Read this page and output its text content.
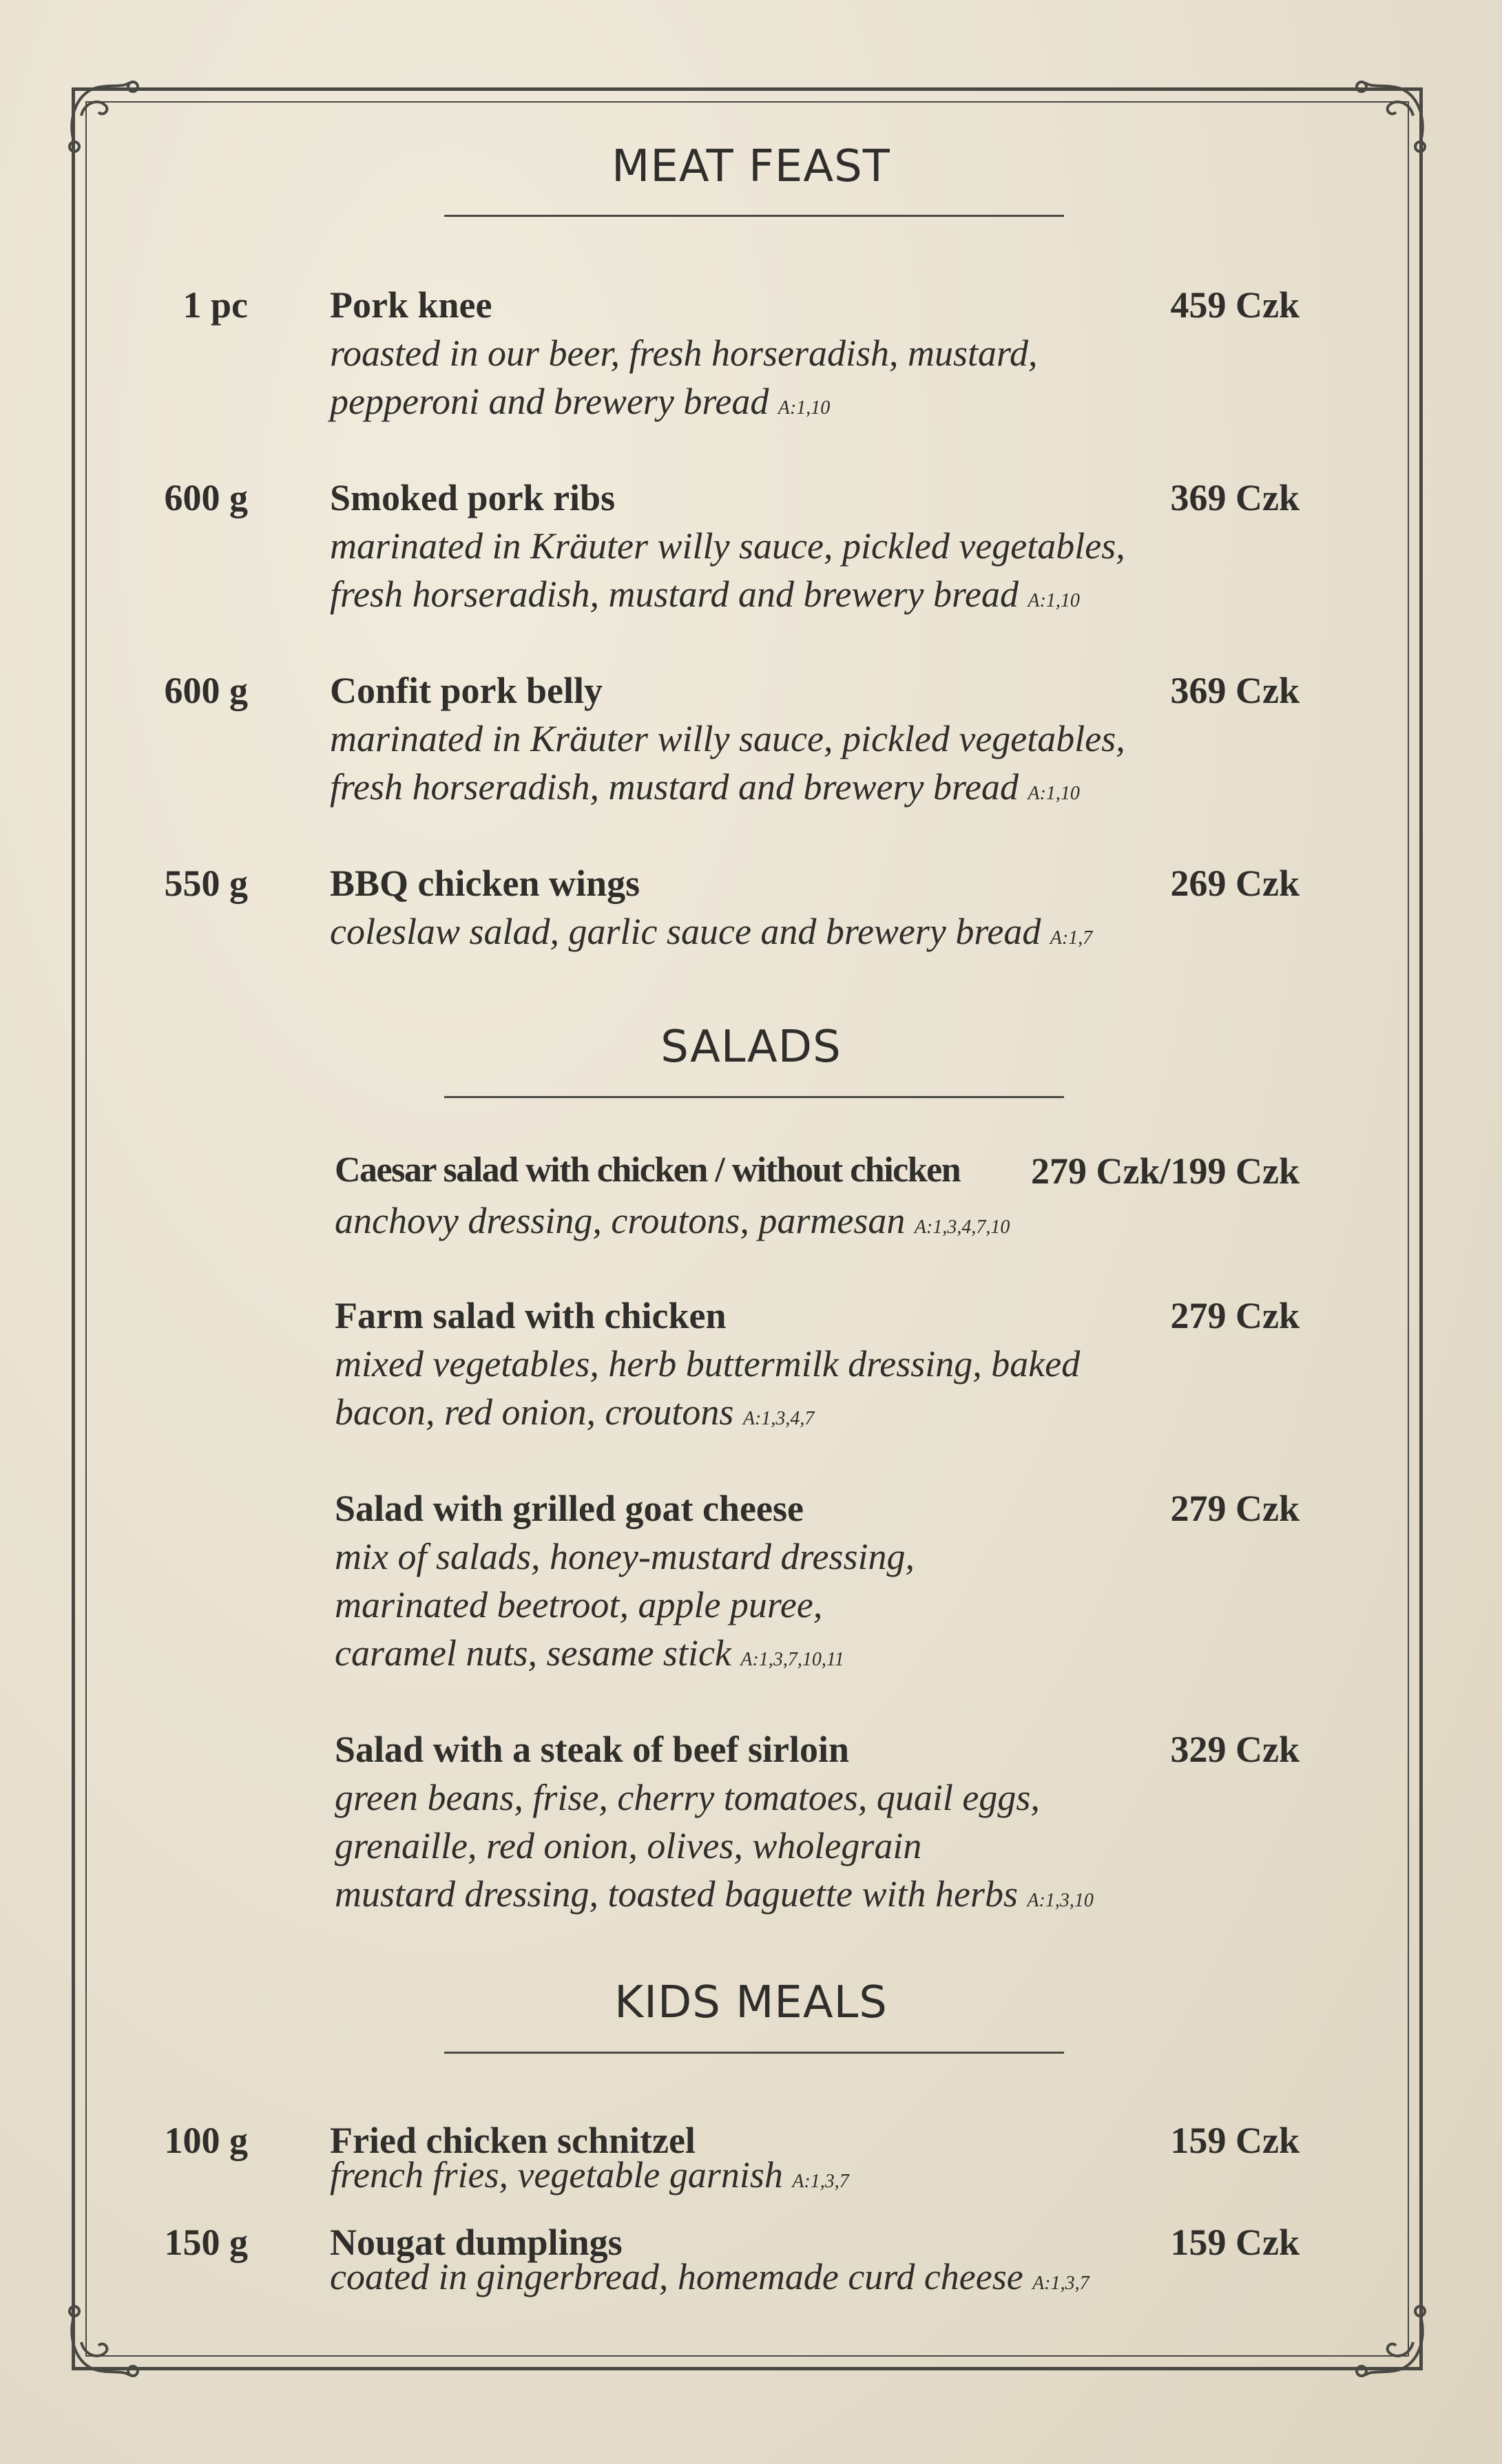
MEAT FEAST
1 pc Pork knee	459 Czk
roasted in our beer, fresh horseradish, mustard,
pepperoni and brewery bread A:1,10
600 g Smoked pork ribs	369 Czk
marinated in Kräuter willy sauce, pickled vegetables,
fresh horseradish, mustard and brewery bread A:1,10
600 g Confit pork belly	369 Czk
marinated in Kräuter willy sauce, pickled vegetables,
fresh horseradish, mustard and brewery bread A:1,10
550 g BBQ chicken wings	269 Czk
coleslaw salad, garlic sauce and brewery bread A:1,7
SALADS
Caesar salad with chicken / without chicken 279 Czk/199 Czk
anchovy dressing, croutons, parmesan A:1,3,4,7,10
Farm salad with chicken	279 Czk
mixed vegetables, herb buttermilk dressing, baked
bacon, red onion, croutons A:1,3,4,7
Salad with grilled goat cheese	279 Czk
mix of salads, honey-mustard dressing,
marinated beetroot, apple puree,
caramel nuts, sesame stick A:1,3,7,10,11
Salad with a steak of beef sirloin	329 Czk
green beans, frise, cherry tomatoes, quail eggs,
grenaille, red onion, olives, wholegrain
mustard dressing, toasted baguette with herbs A:1,3,10
KIDS MEALS
100 g Fried chicken schnitzel	159 Czk
french fries, vegetable garnish A:1,3,7
150 g Nougat dumplings	159 Czk
coated in gingerbread, homemade curd cheese A:1,3,7
